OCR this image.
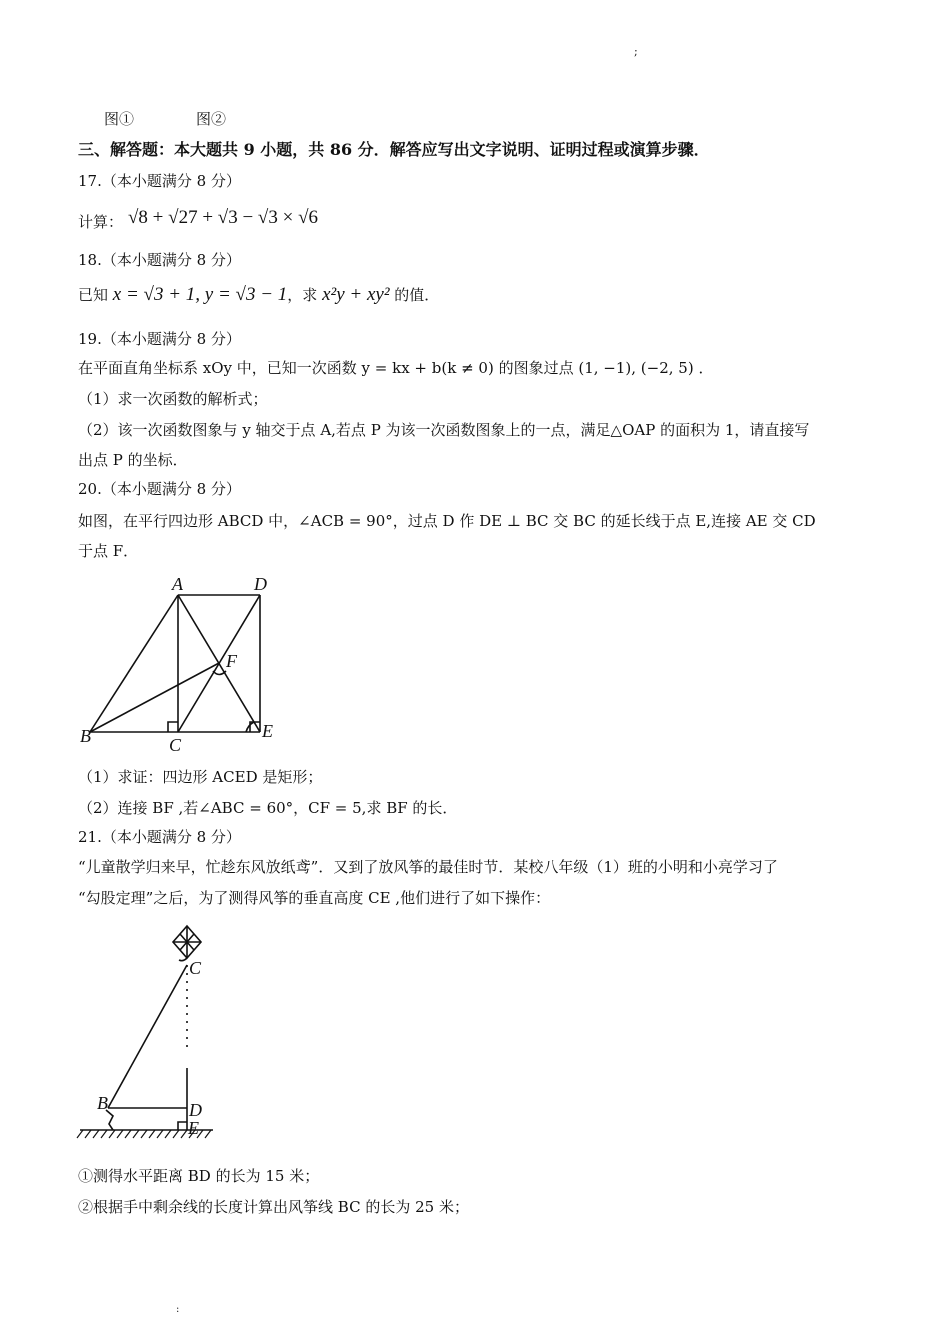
;
图①	图②
三、解答题：本大题共 9 小题，共 86 分．解答应写出文字说明、证明过程或演算步骤．
17.（本小题满分 8 分）
计算： √8 + √27 + √3 − √3 × √6
18.（本小题满分 8 分）
已知 x = √3 + 1, y = √3 − 1，求 x²y + xy² 的值．
19.（本小题满分 8 分）
在平面直角坐标系 xOy 中，已知一次函数 y = kx + b(k ≠ 0) 的图象过点 (1, −1), (−2, 5) ．
（1）求一次函数的解析式；
（2）该一次函数图象与 y 轴交于点 A,若点 P 为该一次函数图象上的一点，满足△OAP 的面积为 1，请直接写
出点 P 的坐标．
20.（本小题满分 8 分）
如图，在平行四边形 ABCD 中，∠ACB = 90°，过点 D 作 DE ⊥ BC 交 BC 的延长线于点 E,连接 AE 交 CD
于点 F．
A	D
F
B	C
E
（1）求证：四边形 ACED 是矩形；
（2）连接 BF ,若∠ABC = 60°，CF = 5,求 BF 的长．
21.（本小题满分 8 分）
“儿童散学归来早，忙趁东风放纸鸢”．又到了放风筝的最佳时节．某校八年级（1）班的小明和小亮学习了
“勾股定理”之后，为了测得风筝的垂直高度 CE ,他们进行了如下操作：
C
B	D
E
①测得水平距离 BD 的长为 15 米；
②根据手中剩余线的长度计算出风筝线 BC 的长为 25 米；
:
